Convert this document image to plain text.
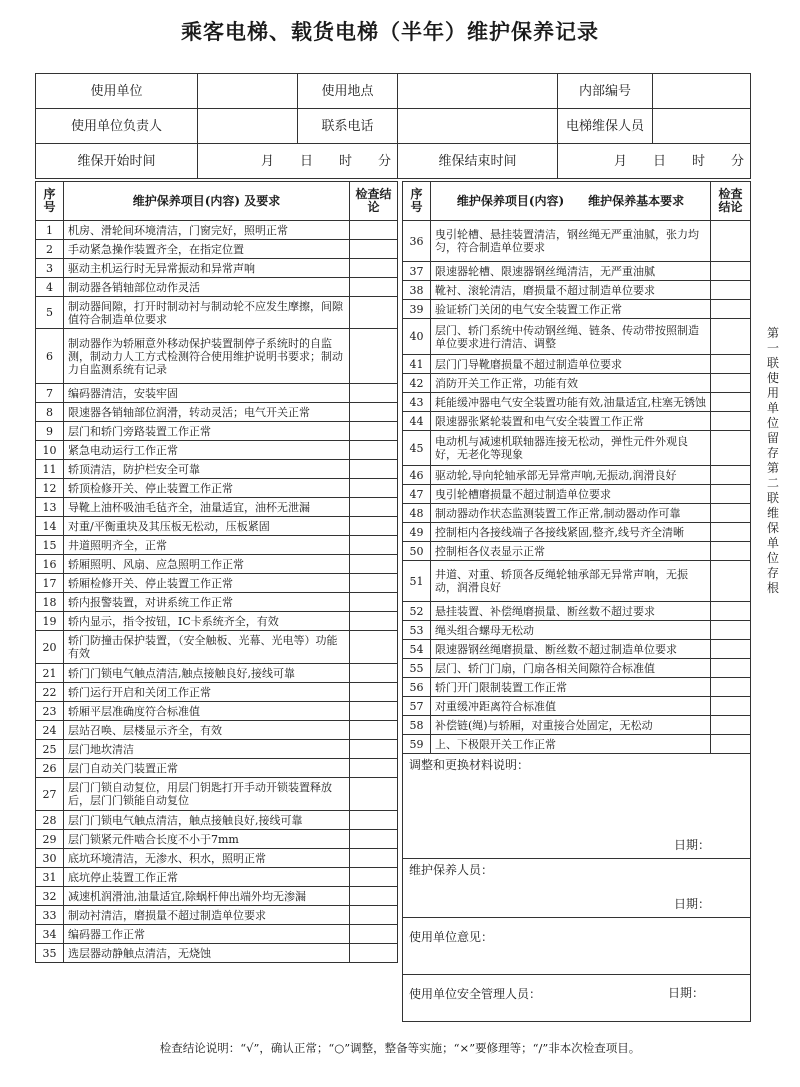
乘客电梯、载货电梯（半年）维护保养记录
使用单位		使用地点		内部编号	
使用单位负责人		联系电话		电梯维保人员	
维保开始时间	月　　日　　时　　分		维保结束时间	月　　日　　时　　分	
序号	维护保养项目(内容) 及要求	检查结论
1	机房、滑轮间环境清洁，门窗完好，照明正常	
2	手动紧急操作装置齐全，在指定位置	
3	驱动主机运行时无异常振动和异常声响	
4	制动器各销轴部位动作灵活	
5	制动器间隙，打开时制动衬与制动轮不应发生摩擦，间隙值符合制造单位要求	
6	制动器作为轿厢意外移动保护装置制停子系统时的自监测，制动力人工方式检测符合使用维护说明书要求；制动力自监测系统有记录	
7	编码器清洁，安装牢固	
8	限速器各销轴部位润滑，转动灵活；电气开关正常	
9	层门和轿门旁路装置工作正常	
10	紧急电动运行工作正常	
11	轿顶清洁，防护栏安全可靠	
12	轿顶检修开关、停止装置工作正常	
13	导靴上油杯吸油毛毡齐全，油量适宜，油杯无泄漏	
14	对重/平衡重块及其压板无松动，压板紧固	
15	井道照明齐全，正常	
16	轿厢照明、风扇、应急照明工作正常	
17	轿厢检修开关、停止装置工作正常	
18	轿内报警装置，对讲系统工作正常	
19	轿内显示，指令按钮，IC卡系统齐全，有效	
20	轿门防撞击保护装置，（安全触板、光幕、光电等）功能有效	
21	轿门门锁电气触点清洁,触点接触良好,接线可靠	
22	轿门运行开启和关闭工作正常	
23	轿厢平层准确度符合标准值	
24	层站召唤、层楼显示齐全，有效	
25	层门地坎清洁	
26	层门自动关门装置正常	
27	层门门锁自动复位，用层门钥匙打开手动开锁装置释放后，层门门锁能自动复位	
28	层门门锁电气触点清洁，触点接触良好,接线可靠	
29	层门锁紧元件啮合长度不小于7mm	
30	底坑环境清洁，无渗水、积水，照明正常	
31	底坑停止装置工作正常	
32	减速机润滑油,油量适宜,除蜗杆伸出端外均无渗漏	
33	制动衬清洁，磨损量不超过制造单位要求	
34	编码器工作正常	
35	选层器动静触点清洁，无烧蚀	
序号	维护保养项目(内容)　　维护保养基本要求	检查结论
36	曳引轮槽、悬挂装置清洁，钢丝绳无严重油腻，张力均匀，符合制造单位要求	
37	限速器轮槽、限速器钢丝绳清洁，无严重油腻	
38	靴衬、滚轮清洁，磨损量不超过制造单位要求	
39	验证轿门关闭的电气安全装置工作正常	
40	层门、轿门系统中传动钢丝绳、链条、传动带按照制造单位要求进行清洁、调整	
41	层门门导靴磨损量不超过制造单位要求	
42	消防开关工作正常，功能有效	
43	耗能缓冲器电气安全装置功能有效,油量适宜,柱塞无锈蚀	
44	限速器张紧轮装置和电气安全装置工作正常	
45	电动机与减速机联轴器连接无松动，弹性元件外观良好，无老化等现象	
46	驱动轮,导向轮轴承部无异常声响,无振动,润滑良好	
47	曳引轮槽磨损量不超过制造单位要求	
48	制动器动作状态监测装置工作正常,制动器动作可靠	
49	控制柜内各接线端子各接线紧固,整齐,线号齐全清晰	
50	控制柜各仪表显示正常	
51	井道、对重、轿顶各反绳轮轴承部无异常声响，无振动，润滑良好	
52	悬挂装置、补偿绳磨损量、断丝数不超过要求	
53	绳头组合螺母无松动	
54	限速器钢丝绳磨损量、断丝数不超过制造单位要求	
55	层门、轿门门扇，门扇各相关间隙符合标准值	
56	轿门开门限制装置工作正常	
57	对重缓冲距离符合标准值	
58	补偿链(绳)与轿厢，对重接合处固定，无松动	
59	上、下极限开关工作正常	

调整和更换材料说明：
日期：		

维护保养人员：
日期：		

使用单位意见：		

使用单位安全管理人员： 日期：		
第一联　使用单位留存　第二联　维保单位存根
检查结论说明：“√”，确认正常；“○”调整，整备等实施；“×”要修理等；“/”非本次检查项目。
